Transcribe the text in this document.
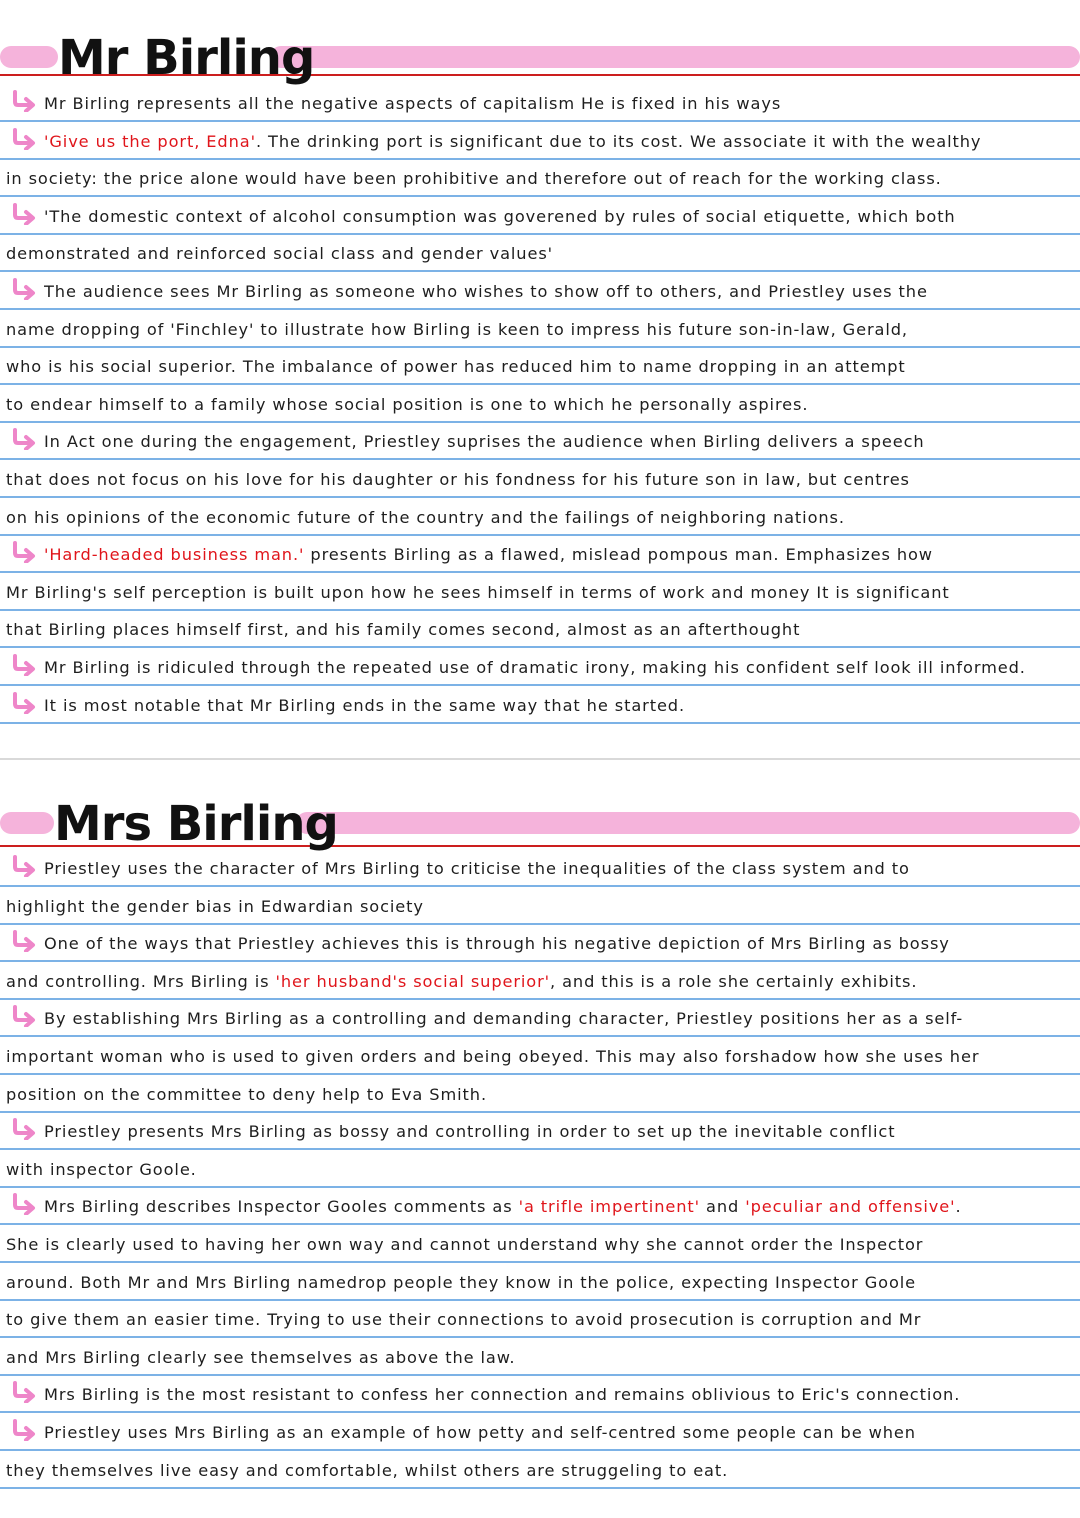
Mr Birling
Mr Birling represents all the negative aspects of capitalism He is fixed in his ways
'Give us the port, Edna'. The drinking port is significant due to its cost. We associate it with the wealthy
in society: the price alone would have been prohibitive and therefore out of reach for the working class.
'The domestic context of alcohol consumption was goverened by rules of social etiquette, which both
demonstrated and reinforced social class and gender values'
The audience sees Mr Birling as someone who wishes to show off to others, and Priestley uses the
name dropping of 'Finchley' to illustrate how Birling is keen to impress his future son-in-law, Gerald,
who is his social superior. The imbalance of power has reduced him to name dropping in an attempt
to endear himself to a family whose social position is one to which he personally aspires.
In Act one during the engagement, Priestley suprises the audience when Birling delivers a speech
that does not focus on his love for his daughter or his fondness for his future son in law, but centres
on his opinions of the economic future of the country and the failings of neighboring nations.
'Hard-headed business man.' presents Birling as a flawed, mislead pompous man. Emphasizes how
Mr Birling's self perception is built upon how he sees himself in terms of work and money It is significant
that Birling places himself first, and his family comes second, almost as an afterthought
Mr Birling is ridiculed through the repeated use of dramatic irony, making his confident self look ill informed.
It is most notable that Mr Birling ends in the same way that he started.
Mrs Birling
Priestley uses the character of Mrs Birling to criticise the inequalities of the class system and to
highlight the gender bias in Edwardian society
One of the ways that Priestley achieves this is through his negative depiction of Mrs Birling as bossy
and controlling. Mrs Birling is 'her husband's social superior', and this is a role she certainly exhibits.
By establishing Mrs Birling as a controlling and demanding character, Priestley positions her as a self-
important woman who is used to given orders and being obeyed. This may also forshadow how she uses her
position on the committee to deny help to Eva Smith.
Priestley presents Mrs Birling as bossy and controlling in order to set up the inevitable conflict
with inspector Goole.
Mrs Birling describes Inspector Gooles comments as 'a trifle impertinent' and 'peculiar and offensive'.
She is clearly used to having her own way and cannot understand why she cannot order the Inspector
around. Both Mr and Mrs Birling namedrop people they know in the police, expecting Inspector Goole
to give them an easier time. Trying to use their connections to avoid prosecution is corruption and Mr
and Mrs Birling clearly see themselves as above the law.
Mrs Birling is the most resistant to confess her connection and remains oblivious to Eric's connection.
Priestley uses Mrs Birling as an example of how petty and self-centred some people can be when
they themselves live easy and comfortable, whilst others are struggeling to eat.
